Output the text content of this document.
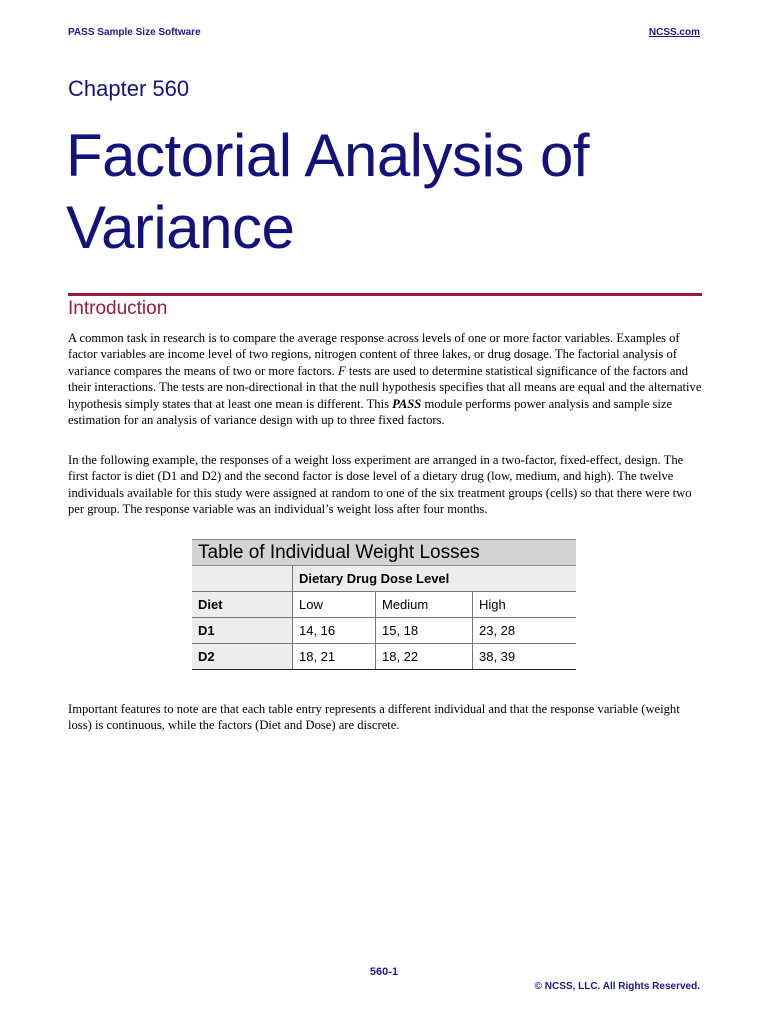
PASS Sample Size Software	NCSS.com
Chapter 560
Factorial Analysis of
Variance
Introduction
A common task in research is to compare the average response across levels of one or more factor variables. Examples of factor variables are income level of two regions, nitrogen content of three lakes, or drug dosage. The factorial analysis of variance compares the means of two or more factors. F tests are used to determine statistical significance of the factors and their interactions. The tests are non-directional in that the null hypothesis specifies that all means are equal and the alternative hypothesis simply states that at least one mean is different. This PASS module performs power analysis and sample size estimation for an analysis of variance design with up to three fixed factors.
In the following example, the responses of a weight loss experiment are arranged in a two-factor, fixed-effect, design. The first factor is diet (D1 and D2) and the second factor is dose level of a dietary drug (low, medium, and high). The twelve individuals available for this study were assigned at random to one of the six treatment groups (cells) so that there were two per group. The response variable was an individual’s weight loss after four months.
Table of Individual Weight Losses			
	Dietary Drug Dose Level		
Diet	Low	Medium	High
D1	14, 16	15, 18	23, 28
D2	18, 21	18, 22	38, 39
Important features to note are that each table entry represents a different individual and that the response variable (weight loss) is continuous, while the factors (Diet and Dose) are discrete.
560-1
© NCSS, LLC. All Rights Reserved.
